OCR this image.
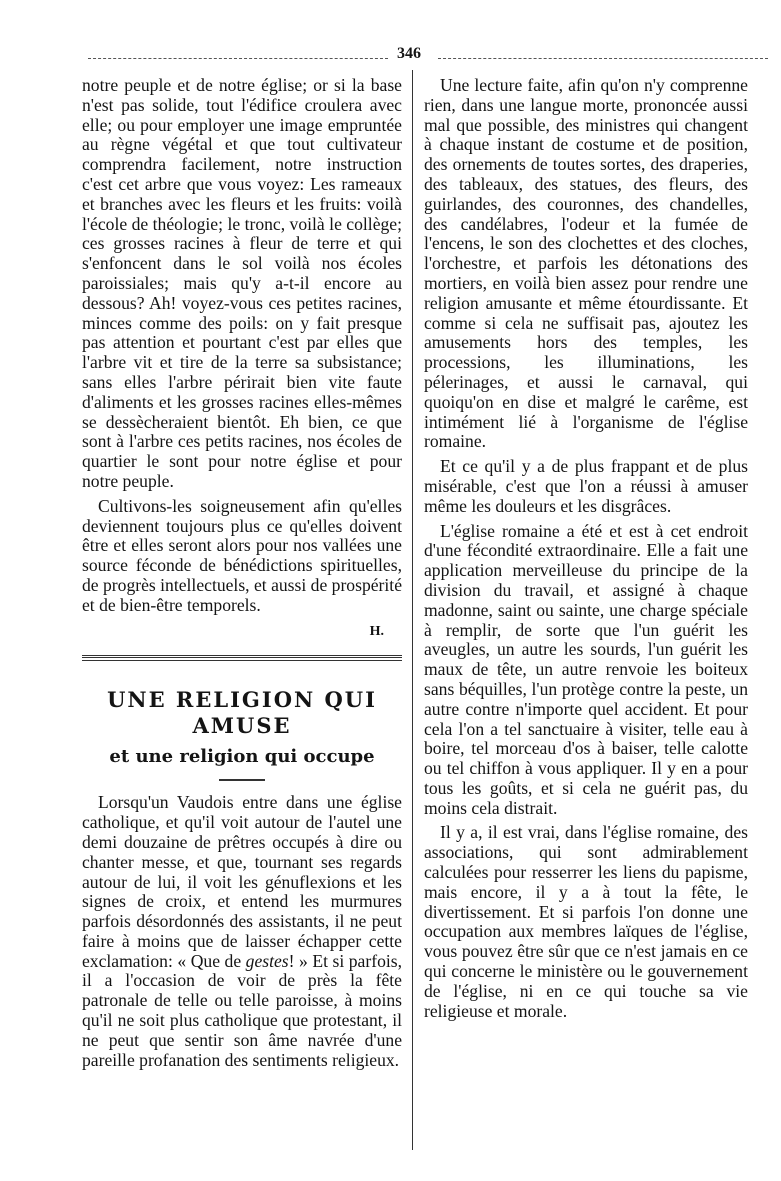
346

notre peuple et de notre église; or si la base n'est pas solide, tout l'édifice croulera avec elle; ou pour employer une image empruntée au règne végétal et que tout cultivateur comprendra facilement, notre instruction c'est cet arbre que vous voyez: Les rameaux et branches avec les fleurs et les fruits: voilà l'école de théologie; le tronc, voilà le collège; ces grosses racines à fleur de terre et qui s'enfoncent dans le sol voilà nos écoles paroissiales; mais qu'y a-t-il encore au dessous? Ah! voyez-vous ces petites racines, minces comme des poils: on y fait presque pas attention et pourtant c'est par elles que l'arbre vit et tire de la terre sa subsistance; sans elles l'arbre périrait bien vite faute d'aliments et les grosses racines elles-mêmes se dessècheraient bientôt. Eh bien, ce que sont à l'arbre ces petits racines, nos écoles de quartier le sont pour notre église et pour notre peuple.

Cultivons-les soigneusement afin qu'elles deviennent toujours plus ce qu'elles doivent être et elles seront alors pour nos vallées une source féconde de bénédictions spirituelles, de progrès intellectuels, et aussi de prospérité et de bien-être temporels.

H.
UNE RELIGION QUI AMUSE
et une religion qui occupe

Lorsqu'un Vaudois entre dans une église catholique, et qu'il voit autour de l'autel une demi douzaine de prêtres occupés à dire ou chanter messe, et que, tournant ses regards autour de lui, il voit les génuflexions et les signes de croix, et entend les murmures parfois désordonnés des assistants, il ne peut faire à moins que de laisser échapper cette exclamation: « Que de gestes! » Et si parfois, il a l'occasion de voir de près la fête patronale de telle ou telle paroisse, à moins qu'il ne soit plus catholique que protestant, il ne peut que sentir son âme navrée d'une pareille profanation des sentiments religieux.

Une lecture faite, afin qu'on n'y comprenne rien, dans une langue morte, prononcée aussi mal que possible, des ministres qui changent à chaque instant de costume et de position, des ornements de toutes sortes, des draperies, des tableaux, des statues, des fleurs, des guirlandes, des couronnes, des chandelles, des candélabres, l'odeur et la fumée de l'encens, le son des clochettes et des cloches, l'orchestre, et parfois les détonations des mortiers, en voilà bien assez pour rendre une religion amusante et même étourdissante. Et comme si cela ne suffisait pas, ajoutez les amusements hors des temples, les processions, les illuminations, les pélerinages, et aussi le carnaval, qui quoiqu'on en dise et malgré le carême, est intimément lié à l'organisme de l'église romaine.

Et ce qu'il y a de plus frappant et de plus misérable, c'est que l'on a réussi à amuser même les douleurs et les disgrâces.

L'église romaine a été et est à cet endroit d'une fécondité extraordinaire. Elle a fait une application merveilleuse du principe de la division du travail, et assigné à chaque madonne, saint ou sainte, une charge spéciale à remplir, de sorte que l'un guérit les aveugles, un autre les sourds, l'un guérit les maux de tête, un autre renvoie les boiteux sans béquilles, l'un protège contre la peste, un autre contre n'importe quel accident. Et pour cela l'on a tel sanctuaire à visiter, telle eau à boire, tel morceau d'os à baiser, telle calotte ou tel chiffon à vous appliquer. Il y en a pour tous les goûts, et si cela ne guérit pas, du moins cela distrait.

Il y a, il est vrai, dans l'église romaine, des associations, qui sont admirablement calculées pour resserrer les liens du papisme, mais encore, il y a à tout la fête, le divertissement. Et si parfois l'on donne une occupation aux membres laïques de l'église, vous pouvez être sûr que ce n'est jamais en ce qui concerne le ministère ou le gouvernement de l'église, ni en ce qui touche sa vie religieuse et morale.
